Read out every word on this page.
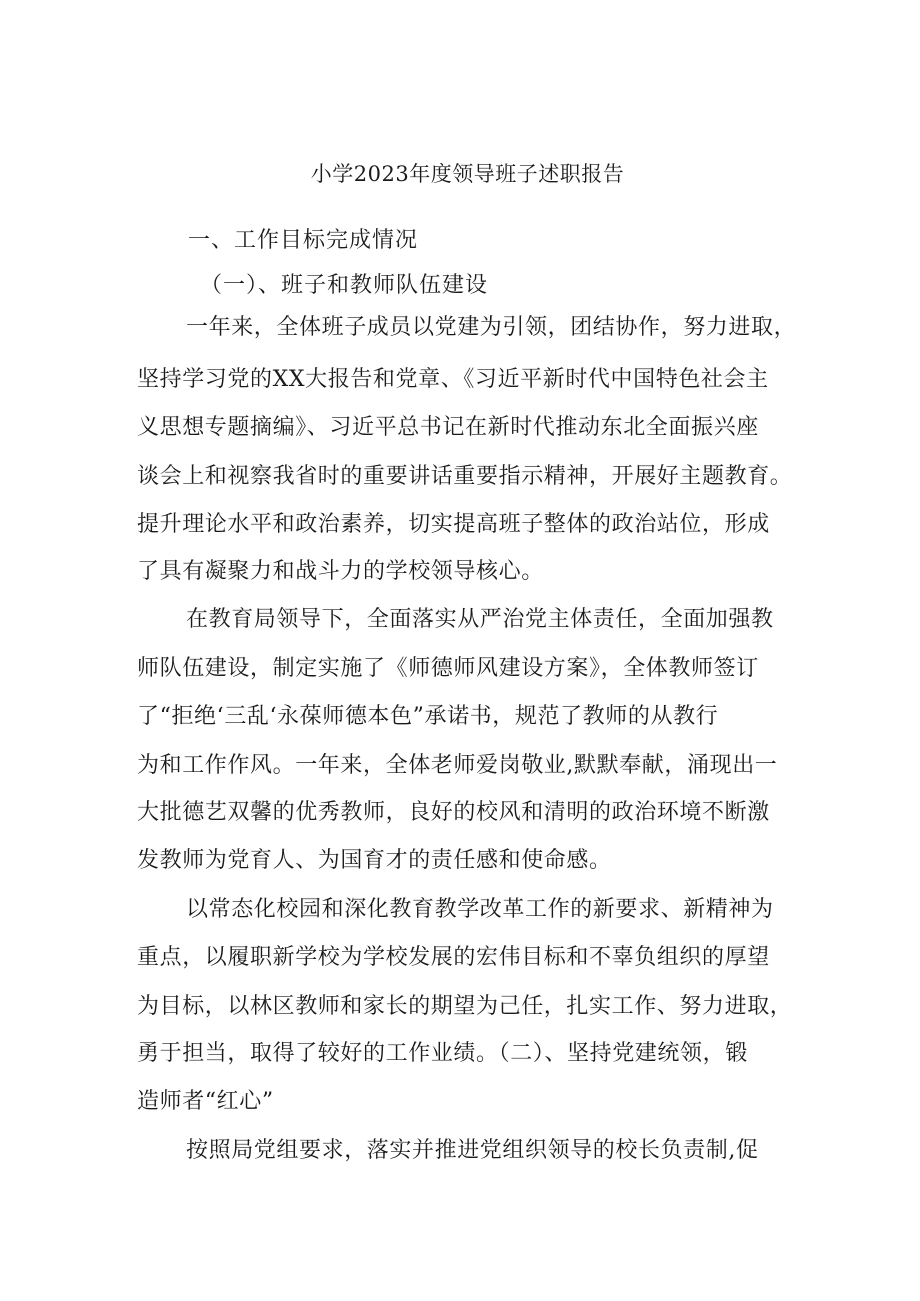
小学2023年度领导班子述职报告
一、工作目标完成情况
（一）、班子和教师队伍建设
一年来，全体班子成员以党建为引领，团结协作，努力进取，
坚持学习党的XX大报告和党章、《习近平新时代中国特色社会主
义思想专题摘编》、习近平总书记在新时代推动东北全面振兴座
谈会上和视察我省时的重要讲话重要指示精神，开展好主题教育。
提升理论水平和政治素养，切实提高班子整体的政治站位，形成
了具有凝聚力和战斗力的学校领导核心。
在教育局领导下，全面落实从严治党主体责任，全面加强教
师队伍建设，制定实施了《师德师风建设方案》，全体教师签订
了“拒绝‘三乱‘永葆师德本色”承诺书，规范了教师的从教行
为和工作作风。一年来，全体老师爱岗敬业,默默奉献，涌现出一
大批德艺双馨的优秀教师，良好的校风和清明的政治环境不断激
发教师为党育人、为国育才的责任感和使命感。
以常态化校园和深化教育教学改革工作的新要求、新精神为
重点，以履职新学校为学校发展的宏伟目标和不辜负组织的厚望
为目标，以林区教师和家长的期望为己任，扎实工作、努力进取，
勇于担当，取得了较好的工作业绩。（二）、坚持党建统领，锻
造师者“红心”
按照局党组要求，落实并推进党组织领导的校长负责制,促
